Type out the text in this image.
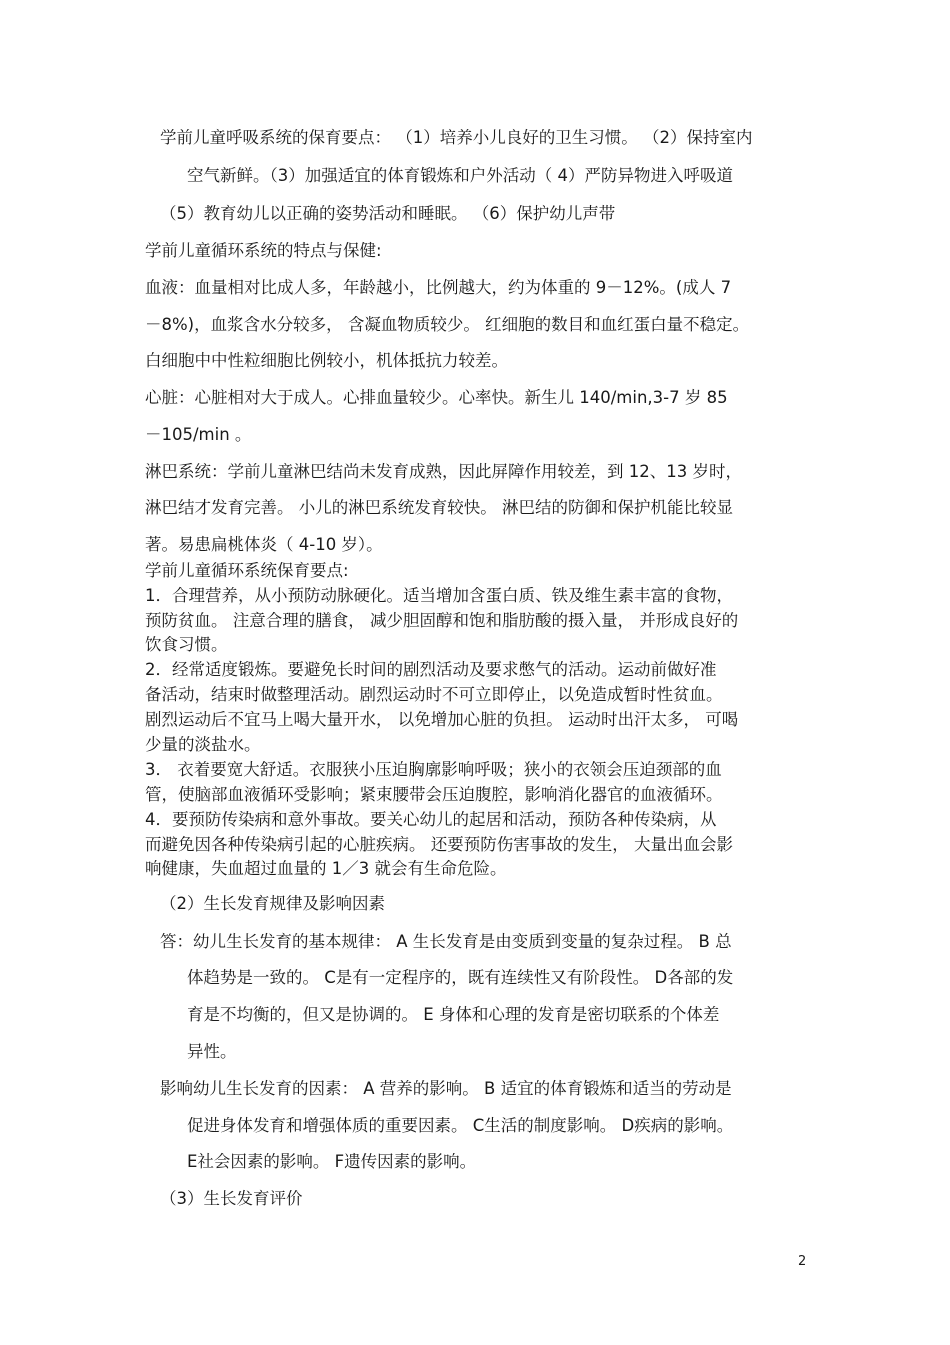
学前儿童呼吸系统的保育要点： （1）培养小儿良好的卫生习惯。 （2）保持室内
空气新鲜。（3）加强适宜的体育锻炼和户外活动（ 4）严防异物进入呼吸道
（5）教育幼儿以正确的姿势活动和睡眠。 （6）保护幼儿声带
学前儿童循环系统的特点与保健:
血液：血量相对比成人多，年龄越小，比例越大，约为体重的 9－12%。(成人 7
－8%)，血浆含水分较多， 含凝血物质较少。 红细胞的数目和血红蛋白量不稳定。
白细胞中中性粒细胞比例较小，机体抵抗力较差。
心脏：心脏相对大于成人。心排血量较少。心率快。新生儿 140/min,3-7 岁 85
－105/min 。
淋巴系统：学前儿童淋巴结尚未发育成熟，因此屏障作用较差，到 12、13 岁时，
淋巴结才发育完善。 小儿的淋巴系统发育较快。 淋巴结的防御和保护机能比较显
著。易患扁桃体炎（ 4-10 岁）。
学前儿童循环系统保育要点:
1．合理营养，从小预防动脉硬化。适当增加含蛋白质、铁及维生素丰富的食物，
预防贫血。 注意合理的膳食， 减少胆固醇和饱和脂肪酸的摄入量， 并形成良好的
饮食习惯。
2．经常适度锻炼。要避免长时间的剧烈活动及要求憋气的活动。运动前做好准
备活动，结束时做整理活动。剧烈运动时不可立即停止，以免造成暂时性贫血。
剧烈运动后不宜马上喝大量开水， 以免增加心脏的负担。 运动时出汗太多， 可喝
少量的淡盐水。
3． 衣着要宽大舒适。衣服狭小压迫胸廓影响呼吸；狭小的衣领会压迫颈部的血
管，使脑部血液循环受影响；紧束腰带会压迫腹腔，影响消化器官的血液循环。
4．要预防传染病和意外事故。要关心幼儿的起居和活动，预防各种传染病，从
而避免因各种传染病引起的心脏疾病。 还要预防伤害事故的发生， 大量出血会影
响健康，失血超过血量的 1／3 就会有生命危险。
（2）生长发育规律及影响因素
答：幼儿生长发育的基本规律： A 生长发育是由变质到变量的复杂过程。 B 总
体趋势是一致的。 C是有一定程序的，既有连续性又有阶段性。 D各部的发
育是不均衡的，但又是协调的。 E 身体和心理的发育是密切联系的个体差
异性。
影响幼儿生长发育的因素： A 营养的影响。 B 适宜的体育锻炼和适当的劳动是
促进身体发育和增强体质的重要因素。 C生活的制度影响。 D疾病的影响。
E社会因素的影响。 F遗传因素的影响。
（3）生长发育评价
2
